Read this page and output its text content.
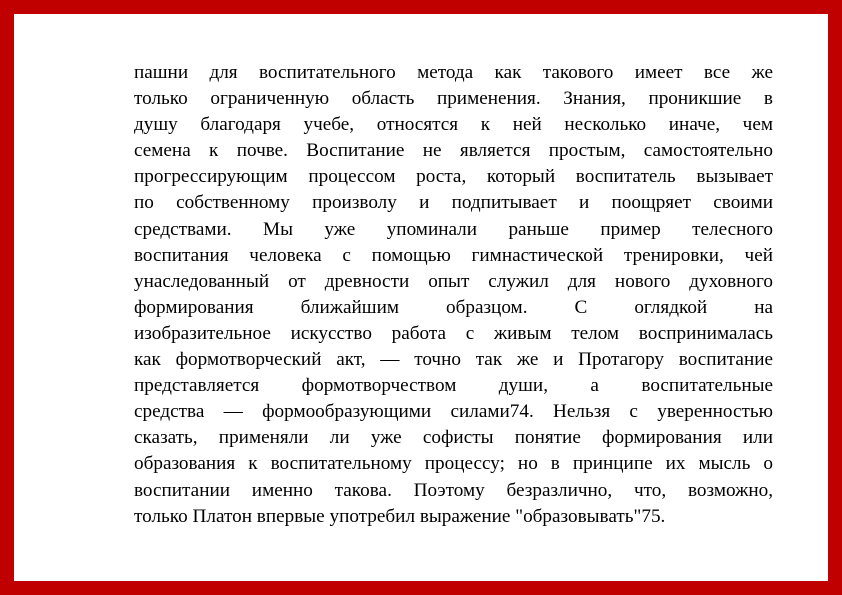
пашни для воспитательного метода как такового имеет все же
только ограниченную область применения. Знания, проникшие в
душу благодаря учебе, относятся к ней несколько иначе, чем
семена к почве. Воспитание не является простым, самостоятельно
прогрессирующим процессом роста, который воспитатель вызывает
по собственному произволу и подпитывает и поощряет своими
средствами. Мы уже упоминали раньше пример телесного
воспитания человека с помощью гимнастической тренировки, чей
унаследованный от древности опыт служил для нового духовного
формирования ближайшим образцом. С оглядкой на
изобразительное искусство работа с живым телом воспринималась
как формотворческий акт, — точно так же и Протагору воспитание
представляется формотворчеством души, а воспитательные
средства — формообразующими силами74. Нельзя с уверенностью
сказать, применяли ли уже софисты понятие формирования или
образования к воспитательному процессу; но в принципе их мысль о
воспитании именно такова. Поэтому безразлично, что, возможно,
только Платон впервые употребил выражение "образовывать"75.
